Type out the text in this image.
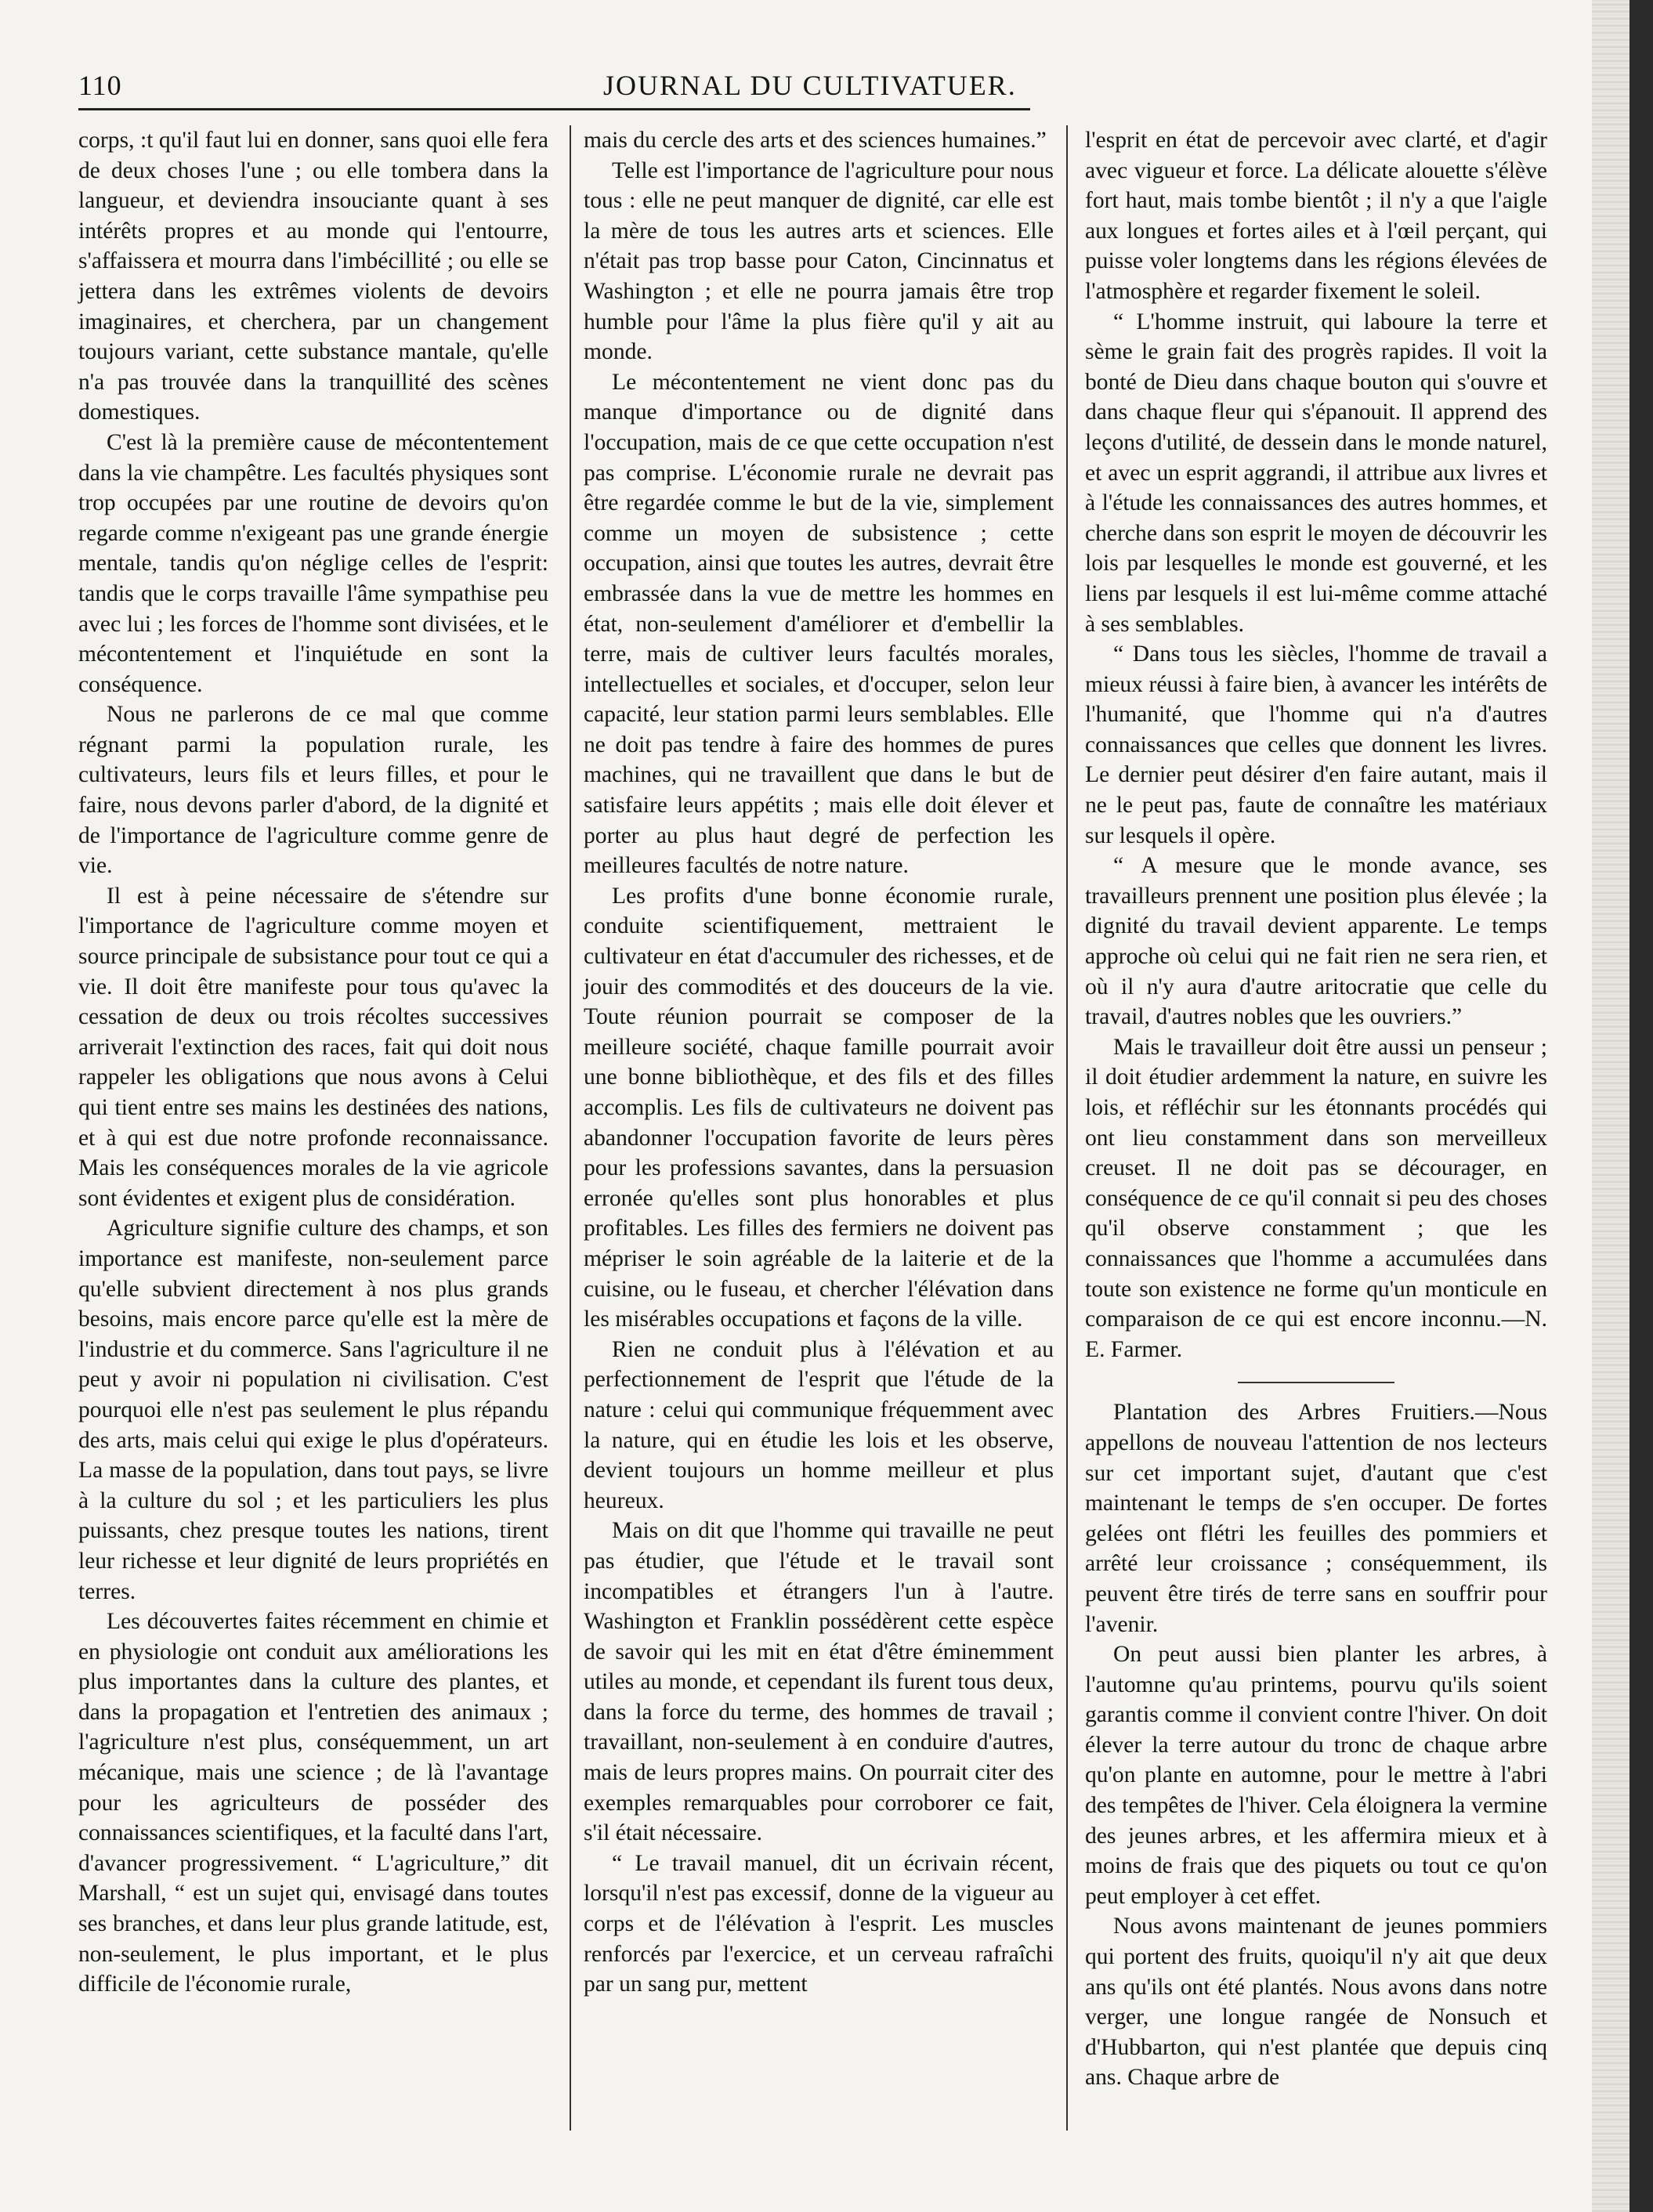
110	JOURNAL DU CULTIVATUER.

corps, :t qu'il faut lui en donner, sans quoi elle fera de deux choses l'une ; ou elle tombera dans la langueur, et deviendra insouciante quant à ses intérêts propres et au monde qui l'entourre, s'affaissera et mourra dans l'imbécillité ; ou elle se jettera dans les extrêmes violents de devoirs imaginaires, et cherchera, par un changement toujours variant, cette substance mantale, qu'elle n'a pas trouvée dans la tranquillité des scènes domestiques.

C'est là la première cause de mécontentement dans la vie champêtre. Les facultés physiques sont trop occupées par une routine de devoirs qu'on regarde comme n'exigeant pas une grande énergie mentale, tandis qu'on néglige celles de l'esprit: tandis que le corps travaille l'âme sympathise peu avec lui ; les forces de l'homme sont divisées, et le mécontentement et l'inquiétude en sont la conséquence.

Nous ne parlerons de ce mal que comme régnant parmi la population rurale, les cultivateurs, leurs fils et leurs filles, et pour le faire, nous devons parler d'abord, de la dignité et de l'importance de l'agriculture comme genre de vie.

Il est à peine nécessaire de s'étendre sur l'importance de l'agriculture comme moyen et source principale de subsistance pour tout ce qui a vie. Il doit être manifeste pour tous qu'avec la cessation de deux ou trois récoltes successives arriverait l'extinction des races, fait qui doit nous rappeler les obligations que nous avons à Celui qui tient entre ses mains les destinées des nations, et à qui est due notre profonde reconnaissance. Mais les conséquences morales de la vie agricole sont évidentes et exigent plus de considération.

Agriculture signifie culture des champs, et son importance est manifeste, non-seulement parce qu'elle subvient directement à nos plus grands besoins, mais encore parce qu'elle est la mère de l'industrie et du commerce. Sans l'agriculture il ne peut y avoir ni population ni civilisation. C'est pourquoi elle n'est pas seulement le plus répandu des arts, mais celui qui exige le plus d'opérateurs. La masse de la population, dans tout pays, se livre à la culture du sol ; et les particuliers les plus puissants, chez presque toutes les nations, tirent leur richesse et leur dignité de leurs propriétés en terres.

Les découvertes faites récemment en chimie et en physiologie ont conduit aux améliorations les plus importantes dans la culture des plantes, et dans la propagation et l'entretien des animaux ; l'agriculture n'est plus, conséquemment, un art mécanique, mais une science ; de là l'avantage pour les agriculteurs de posséder des connaissances scientifiques, et la faculté dans l'art, d'avancer progressivement. “ L'agriculture,” dit Marshall, “ est un sujet qui, envisagé dans toutes ses branches, et dans leur plus grande latitude, est, non-seulement, le plus important, et le plus difficile de l'économie rurale,

mais du cercle des arts et des sciences humaines.”

Telle est l'importance de l'agriculture pour nous tous : elle ne peut manquer de dignité, car elle est la mère de tous les autres arts et sciences. Elle n'était pas trop basse pour Caton, Cincinnatus et Washington ; et elle ne pourra jamais être trop humble pour l'âme la plus fière qu'il y ait au monde.

Le mécontentement ne vient donc pas du manque d'importance ou de dignité dans l'occupation, mais de ce que cette occupation n'est pas comprise. L'économie rurale ne devrait pas être regardée comme le but de la vie, simplement comme un moyen de subsistence ; cette occupation, ainsi que toutes les autres, devrait être embrassée dans la vue de mettre les hommes en état, non-seulement d'améliorer et d'embellir la terre, mais de cultiver leurs facultés morales, intellectuelles et sociales, et d'occuper, selon leur capacité, leur station parmi leurs semblables. Elle ne doit pas tendre à faire des hommes de pures machines, qui ne travaillent que dans le but de satisfaire leurs appétits ; mais elle doit élever et porter au plus haut degré de perfection les meilleures facultés de notre nature.

Les profits d'une bonne économie rurale, conduite scientifiquement, mettraient le cultivateur en état d'accumuler des richesses, et de jouir des commodités et des douceurs de la vie. Toute réunion pourrait se composer de la meilleure société, chaque famille pourrait avoir une bonne bibliothèque, et des fils et des filles accomplis. Les fils de cultivateurs ne doivent pas abandonner l'occupation favorite de leurs pères pour les professions savantes, dans la persuasion erronée qu'elles sont plus honorables et plus profitables. Les filles des fermiers ne doivent pas mépriser le soin agréable de la laiterie et de la cuisine, ou le fuseau, et chercher l'élévation dans les misérables occupations et façons de la ville.

Rien ne conduit plus à l'élévation et au perfectionnement de l'esprit que l'étude de la nature : celui qui communique fréquemment avec la nature, qui en étudie les lois et les observe, devient toujours un homme meilleur et plus heureux.

Mais on dit que l'homme qui travaille ne peut pas étudier, que l'étude et le travail sont incompatibles et étrangers l'un à l'autre. Washington et Franklin possédèrent cette espèce de savoir qui les mit en état d'être éminemment utiles au monde, et cependant ils furent tous deux, dans la force du terme, des hommes de travail ; travaillant, non-seulement à en conduire d'autres, mais de leurs propres mains. On pourrait citer des exemples remarquables pour corroborer ce fait, s'il était nécessaire.

“ Le travail manuel, dit un écrivain récent, lorsqu'il n'est pas excessif, donne de la vigueur au corps et de l'élévation à l'esprit. Les muscles renforcés par l'exercice, et un cerveau rafraîchi par un sang pur, mettent

l'esprit en état de percevoir avec clarté, et d'agir avec vigueur et force. La délicate alouette s'élève fort haut, mais tombe bientôt ; il n'y a que l'aigle aux longues et fortes ailes et à l'œil perçant, qui puisse voler longtems dans les régions élevées de l'atmosphère et regarder fixement le soleil.

“ L'homme instruit, qui laboure la terre et sème le grain fait des progrès rapides. Il voit la bonté de Dieu dans chaque bouton qui s'ouvre et dans chaque fleur qui s'épanouit. Il apprend des leçons d'utilité, de dessein dans le monde naturel, et avec un esprit aggrandi, il attribue aux livres et à l'étude les connaissances des autres hommes, et cherche dans son esprit le moyen de découvrir les lois par lesquelles le monde est gouverné, et les liens par lesquels il est lui-même comme attaché à ses semblables.

“ Dans tous les siècles, l'homme de travail a mieux réussi à faire bien, à avancer les intérêts de l'humanité, que l'homme qui n'a d'autres connaissances que celles que donnent les livres. Le dernier peut désirer d'en faire autant, mais il ne le peut pas, faute de connaître les matériaux sur lesquels il opère.

“ A mesure que le monde avance, ses travailleurs prennent une position plus élevée ; la dignité du travail devient apparente. Le temps approche où celui qui ne fait rien ne sera rien, et où il n'y aura d'autre aritocratie que celle du travail, d'autres nobles que les ouvriers.”

Mais le travailleur doit être aussi un penseur ; il doit étudier ardemment la nature, en suivre les lois, et réfléchir sur les étonnants procédés qui ont lieu constamment dans son merveilleux creuset. Il ne doit pas se décourager, en conséquence de ce qu'il connait si peu des choses qu'il observe constamment ; que les connaissances que l'homme a accumulées dans toute son existence ne forme qu'un monticule en comparaison de ce qui est encore inconnu.—N. E. Farmer.

Plantation des Arbres Fruitiers.—Nous appellons de nouveau l'attention de nos lecteurs sur cet important sujet, d'autant que c'est maintenant le temps de s'en occuper. De fortes gelées ont flétri les feuilles des pommiers et arrêté leur croissance ; conséquemment, ils peuvent être tirés de terre sans en souffrir pour l'avenir.

On peut aussi bien planter les arbres, à l'automne qu'au printems, pourvu qu'ils soient garantis comme il convient contre l'hiver. On doit élever la terre autour du tronc de chaque arbre qu'on plante en automne, pour le mettre à l'abri des tempêtes de l'hiver. Cela éloignera la vermine des jeunes arbres, et les affermira mieux et à moins de frais que des piquets ou tout ce qu'on peut employer à cet effet.

Nous avons maintenant de jeunes pommiers qui portent des fruits, quoiqu'il n'y ait que deux ans qu'ils ont été plantés. Nous avons dans notre verger, une longue rangée de Nonsuch et d'Hubbarton, qui n'est plantée que depuis cinq ans. Chaque arbre de
